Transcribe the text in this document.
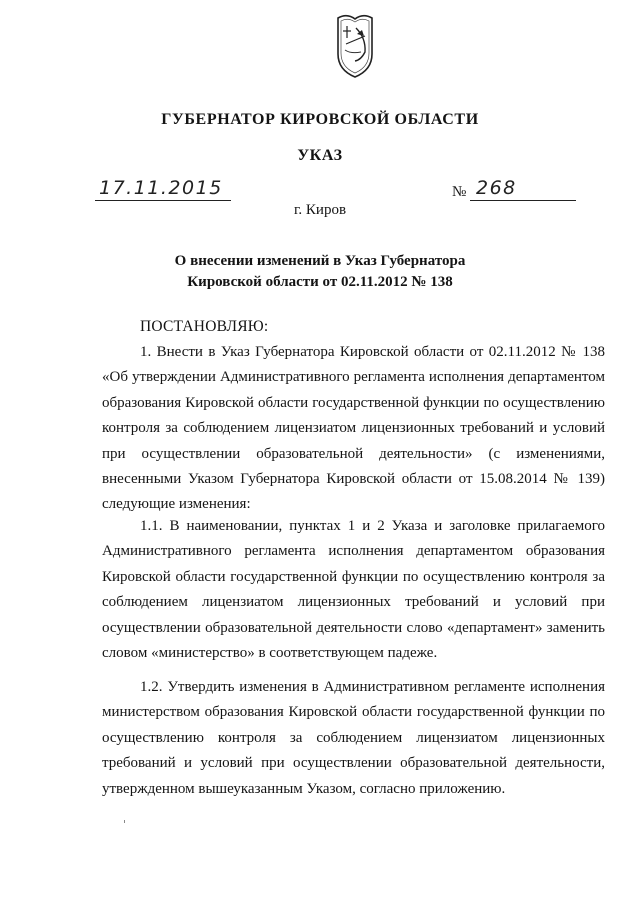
ГУБЕРНАТОР КИРОВСКОЙ ОБЛАСТИ
УКАЗ
17.11.2015	№ 268
г. Киров
О внесении изменений в Указ Губернатора
Кировской области от 02.11.2012 № 138
ПОСТАНОВЛЯЮ:

1. Внести в Указ Губернатора Кировской области от 02.11.2012 № 138 «Об утверждении Административного регламента исполнения департаментом образования Кировской области государственной функции по осуществлению контроля за соблюдением лицензиатом лицензионных требований и условий при осуществлении образовательной деятельности» (с изменениями, внесенными Указом Губернатора Кировской области от 15.08.2014 № 139) следующие изменения:

1.1. В наименовании, пунктах 1 и 2 Указа и заголовке прилагаемого Административного регламента исполнения департаментом образования Кировской области государственной функции по осуществлению контроля за соблюдением лицензиатом лицензионных требований и условий при осуществлении образовательной деятельности слово «департамент» заменить словом «министерство» в соответствующем падеже.

1.2. Утвердить изменения в Административном регламенте исполнения министерством образования Кировской области государственной функции по осуществлению контроля за соблюдением лицензиатом лицензионных требований и условий при осуществлении образовательной деятельности, утвержденном вышеуказанным Указом, согласно приложению.
